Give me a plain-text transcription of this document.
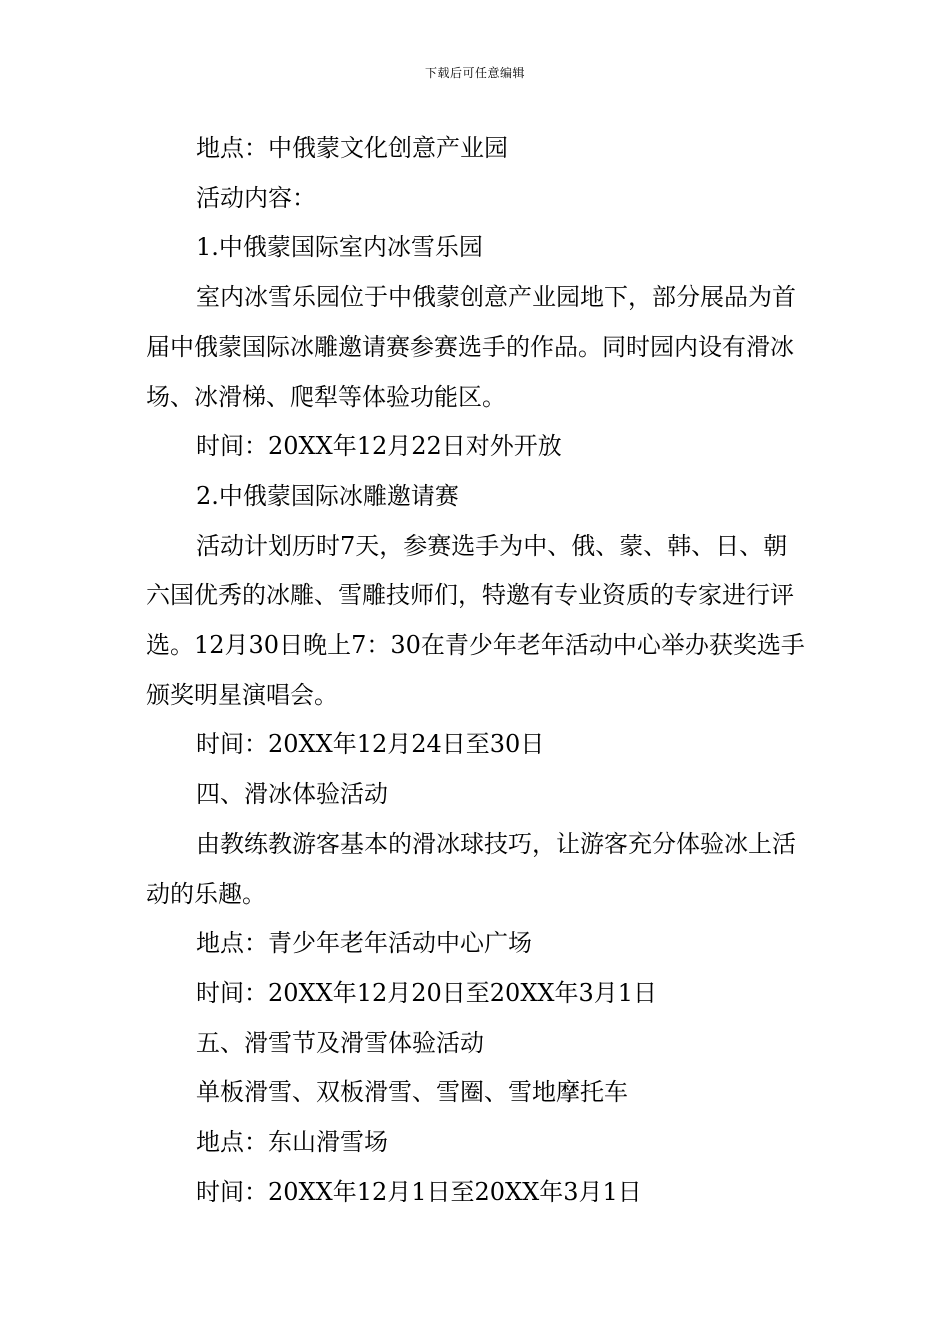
下载后可任意编辑

地点：中俄蒙文化创意产业园

活动内容：

1.中俄蒙国际室内冰雪乐园

室内冰雪乐园位于中俄蒙创意产业园地下，部分展品为首届中俄蒙国际冰雕邀请赛参赛选手的作品。同时园内设有滑冰场、冰滑梯、爬犁等体验功能区。

时间：20XX年12月22日对外开放

2.中俄蒙国际冰雕邀请赛

活动计划历时7天，参赛选手为中、俄、蒙、韩、日、朝六国优秀的冰雕、雪雕技师们，特邀有专业资质的专家进行评选。12月30日晚上7：30在青少年老年活动中心举办获奖选手颁奖明星演唱会。

时间：20XX年12月24日至30日

四、滑冰体验活动

由教练教游客基本的滑冰球技巧，让游客充分体验冰上活动的乐趣。

地点：青少年老年活动中心广场

时间：20XX年12月20日至20XX年3月1日

五、滑雪节及滑雪体验活动

单板滑雪、双板滑雪、雪圈、雪地摩托车

地点：东山滑雪场

时间：20XX年12月1日至20XX年3月1日
